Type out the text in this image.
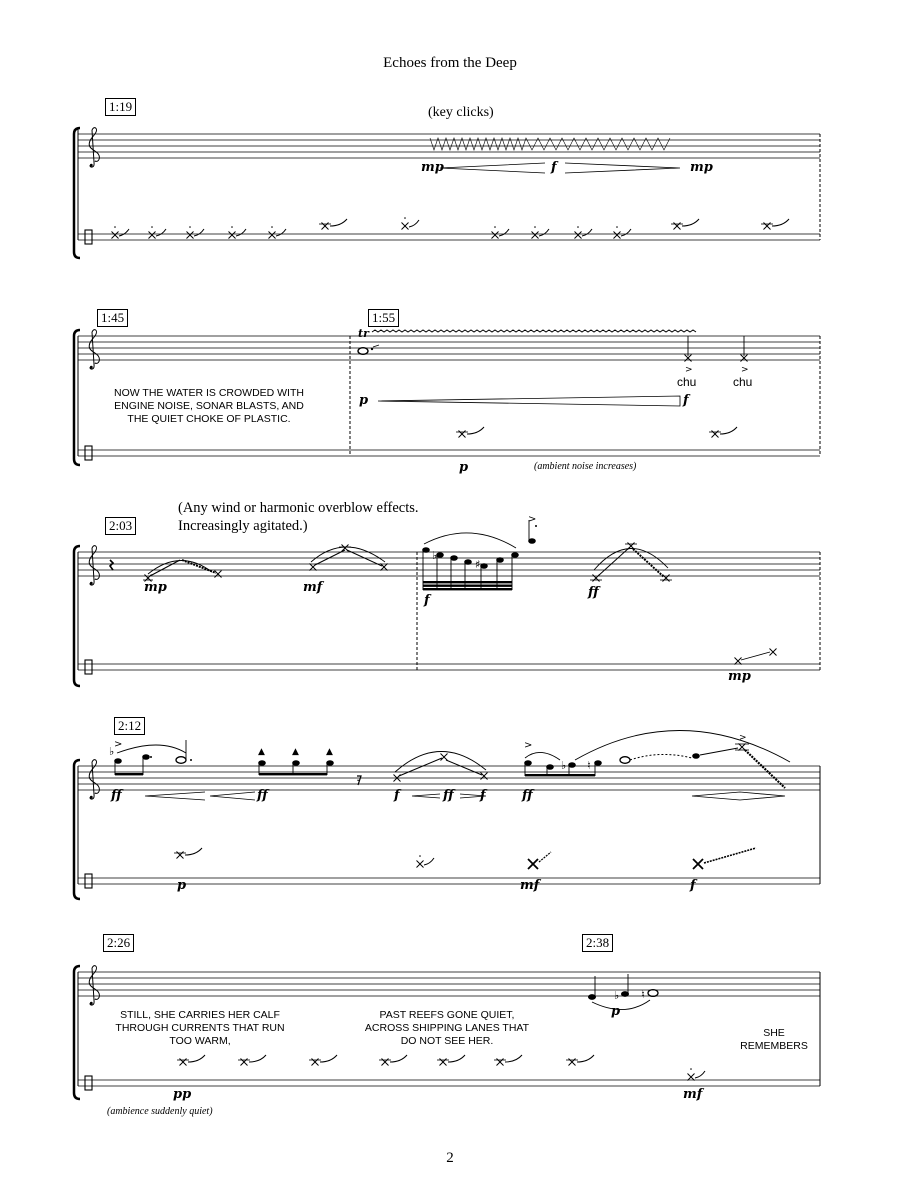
>	>
♭
♯
>
♭
>
▲	▲	▲
𝄾
>
♭ ♮
>
♭ ♮
Echoes from the Deep
1:19	(key clicks)
mp	f	mp
1:45	1:55
NOW THE WATER IS CROWDED WITH ENGINE NOISE, SONAR BLASTS, AND THE QUIET CHOKE OF PLASTIC.
tr
chu	chu
p	f
p	(ambient noise increases)
(Any wind or harmonic overblow effects. Increasingly agitated.)
2:03
mp	mf
f
ff
mp
2:12
ff	ff	f	ff f	ff
p	mf	f
2:26	2:38
STILL, SHE CARRIES HER CALF THROUGH CURRENTS THAT RUN TOO WARM,
PAST REEFS GONE QUIET, ACROSS SHIPPING LANES THAT DO NOT SEE HER.
SHE REMEMBERS
p
pp	mf
(ambience suddenly quiet)
2
